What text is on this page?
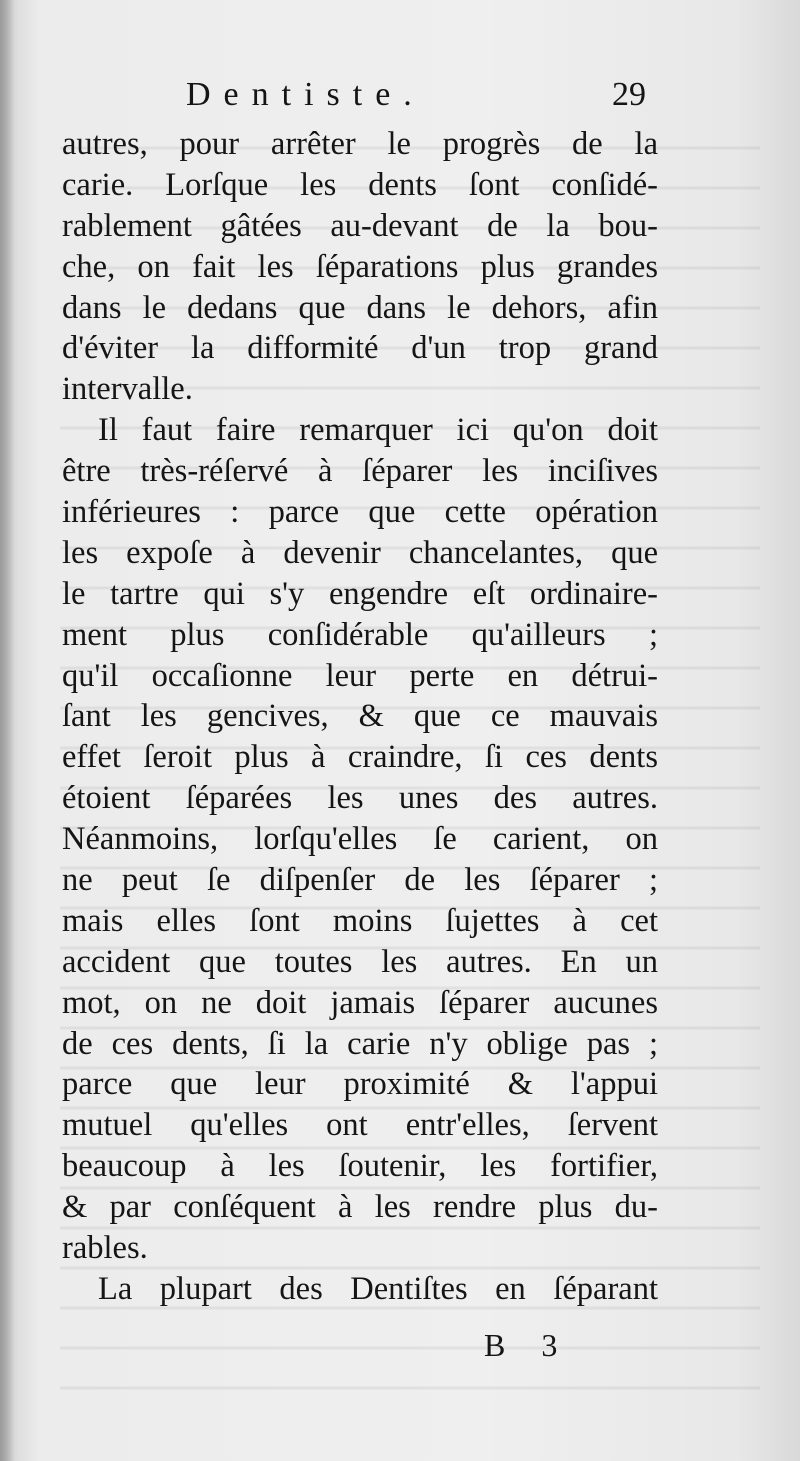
Dentiste.	29
autres, pour arrêter le progrès de la
carie. Lorſque les dents ſont conſidé-
rablement gâtées au-devant de la bou-
che, on fait les ſéparations plus grandes
dans le dedans que dans le dehors, afin
d'éviter la difformité d'un trop grand
intervalle.
Il faut faire remarquer ici qu'on doit
être très-réſervé à ſéparer les inciſives
inférieures : parce que cette opération
les expoſe à devenir chancelantes, que
le tartre qui s'y engendre eſt ordinaire-
ment plus conſidérable qu'ailleurs ;
qu'il occaſionne leur perte en détrui-
ſant les gencives, & que ce mauvais
effet ſeroit plus à craindre, ſi ces dents
étoient ſéparées les unes des autres.
Néanmoins, lorſqu'elles ſe carient, on
ne peut ſe diſpenſer de les ſéparer ;
mais elles ſont moins ſujettes à cet
accident que toutes les autres. En un
mot, on ne doit jamais ſéparer aucunes
de ces dents, ſi la carie n'y oblige pas ;
parce que leur proximité & l'appui
mutuel qu'elles ont entr'elles, ſervent
beaucoup à les ſoutenir, les fortifier,
& par conſéquent à les rendre plus du-
rables.
La plupart des Dentiſtes en ſéparant
B 3
